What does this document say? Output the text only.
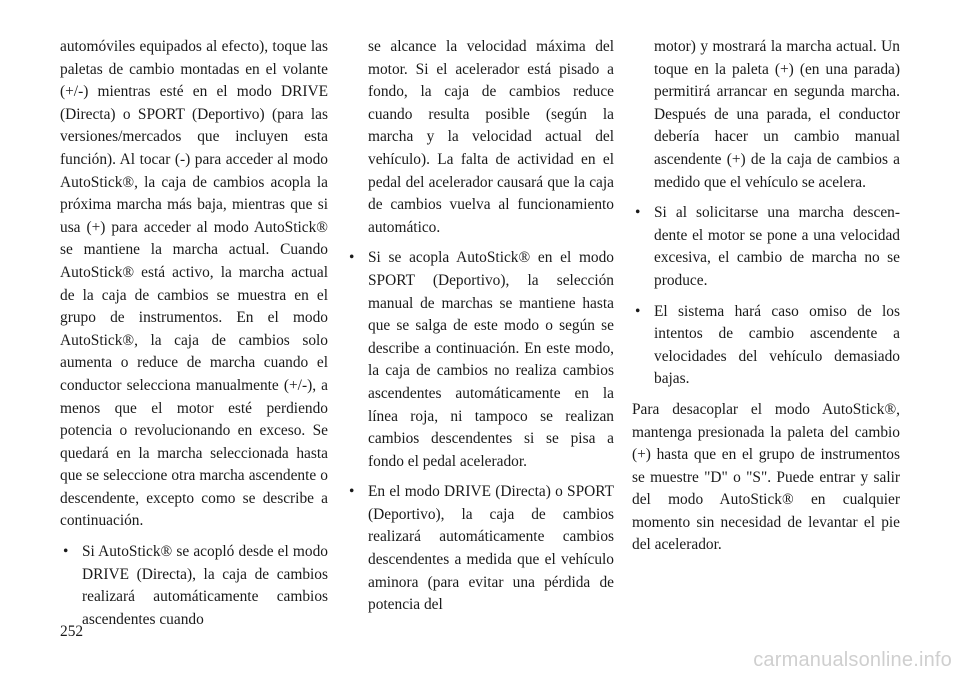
automóviles equipados al efecto), toque las paletas de cambio montadas en el volante (+/-) mientras esté en el modo DRIVE (Directa) o SPORT (Deportivo) (para las versiones/mercados que incluyen esta función). Al tocar (-) para acceder al modo AutoStick®, la caja de cambios acopla la próxima marcha más baja, mientras que si usa (+) para acceder al modo AutoStick® se mantiene la marcha actual. Cuando AutoStick® está activo, la marcha actual de la caja de cambios se muestra en el grupo de instrumentos. En el modo AutoStick®, la caja de cambios solo aumenta o reduce de marcha cuando el conductor selecciona manualmente (+/-), a menos que el motor esté perdiendo potencia o revolucionando en exceso. Se quedará en la marcha seleccionada hasta que se seleccione otra marcha ascendente o descendente, excepto como se describe a continuación.

• Si AutoStick® se acopló desde el modo DRIVE (Directa), la caja de cambios realizará automáticamente cambios ascendentes cuando

se alcance la velocidad máxima del motor. Si el acelerador está pisado a fondo, la caja de cambios reduce cuando resulta posible (según la marcha y la velocidad actual del vehículo). La falta de actividad en el pedal del acelerador causará que la caja de cambios vuelva al funcionamiento automático.

• Si se acopla AutoStick® en el modo SPORT (Deportivo), la selección manual de marchas se mantiene hasta que se salga de este modo o según se describe a continuación. En este modo, la caja de cambios no realiza cambios ascendentes automáticamente en la línea roja, ni tampoco se realizan cambios descendentes si se pisa a fondo el pedal acelerador.

• En el modo DRIVE (Directa) o SPORT (Deportivo), la caja de cambios realizará automáticamente cambios descendentes a medida que el vehículo aminora (para evitar una pérdida de potencia del

motor) y mostrará la marcha actual. Un toque en la paleta (+) (en una parada) permitirá arrancar en segunda marcha. Después de una parada, el conductor debería hacer un cambio manual ascendente (+) de la caja de cambios a medido que el vehículo se acelera.

• Si al solicitarse una marcha descendente el motor se pone a una velocidad excesiva, el cambio de marcha no se produce.

• El sistema hará caso omiso de los intentos de cambio ascendente a velocidades del vehículo demasiado bajas.

Para desacoplar el modo AutoStick®, mantenga presionada la paleta del cambio (+) hasta que en el grupo de instrumentos se muestre "D" o "S". Puede entrar y salir del modo AutoStick® en cualquier momento sin necesidad de levantar el pie del acelerador.

252
carmanualsonline.info
